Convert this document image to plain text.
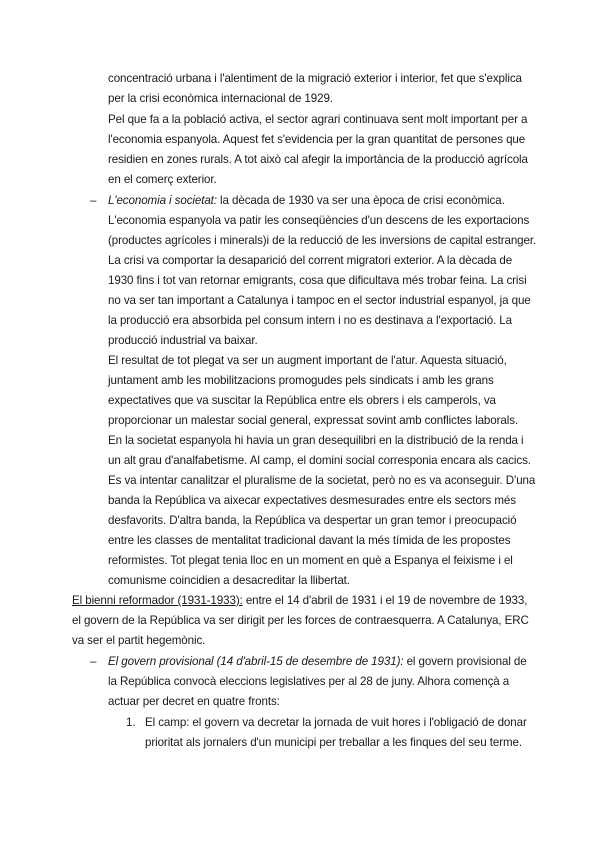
concentració urbana i l'alentiment de la migració exterior i interior, fet que s'explica
per la crisi econòmica internacional de 1929.
Pel que fa a la població activa, el sector agrari continuava sent molt important per a
l'economia espanyola. Aquest fet s'evidencia per la gran quantitat de persones que
residien en zones rurals. A tot això cal afegir la importància de la producció agrícola
en el comerç exterior.
– L'economia i societat: la dècada de 1930 va ser una època de crisi econòmica.
L'economia espanyola va patir les conseqüències d'un descens de les exportacions
(productes agrícoles i minerals)i de la reducció de les inversions de capital estranger.
La crisi va comportar la desaparició del corrent migratori exterior. A la dècada de
1930 fins i tot van retornar emigrants, cosa que dificultava més trobar feina. La crisi
no va ser tan important a Catalunya i tampoc en el sector industrial espanyol, ja que
la producció era absorbida pel consum intern i no es destinava a l'exportació. La
producció industrial va baixar.
El resultat de tot plegat va ser un augment important de l'atur. Aquesta situació,
juntament amb les mobilitzacions promogudes pels sindicats i amb les grans
expectatives que va suscitar la República entre els obrers i els camperols, va
proporcionar un malestar social general, expressat sovint amb conflictes laborals.
En la societat espanyola hi havia un gran desequilibri en la distribució de la renda i
un alt grau d'analfabetisme. Al camp, el domini social corresponia encara als cacics.
Es va intentar canalitzar el pluralisme de la societat, però no es va aconseguir. D'una
banda la República va aixecar expectatives desmesurades entre els sectors més
desfavorits. D'altra banda, la República va despertar un gran temor i preocupació
entre les classes de mentalitat tradicional davant la més tímida de les propostes
reformistes. Tot plegat tenia lloc en un moment en què a Espanya el feixisme i el
comunisme coincidien a desacreditar la llibertat.
El bienni reformador (1931-1933): entre el 14 d'abril de 1931 i el 19 de novembre de 1933,
el govern de la República va ser dirigit per les forces de contraesquerra. A Catalunya, ERC
va ser el partit hegemònic.
– El govern provisional (14 d'abril-15 de desembre de 1931): el govern provisional de
la República convocà eleccions legislatives per al 28 de juny. Alhora començà a
actuar per decret en quatre fronts:
1. El camp: el govern va decretar la jornada de vuit hores i l'obligació de donar
prioritat als jornalers d'un municipi per treballar a les finques del seu terme.
